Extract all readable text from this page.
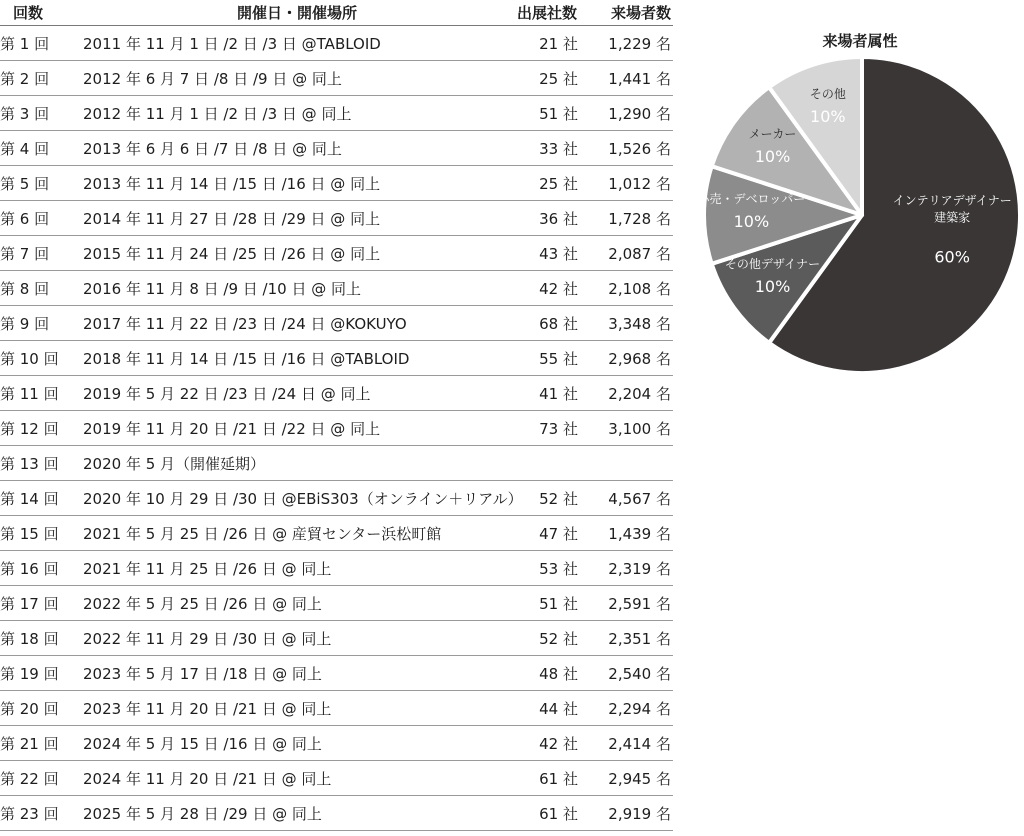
回数	開催日・開催場所	出展社数 来場者数
第 1 回 2011 年 11 月 1 日 /2 日 /3 日 @TABLOID	21 社 1,229 名
第 2 回 2012 年 6 月 7 日 /8 日 /9 日 @ 同上	25 社 1,441 名
第 3 回 2012 年 11 月 1 日 /2 日 /3 日 @ 同上	51 社 1,290 名
第 4 回 2013 年 6 月 6 日 /7 日 /8 日 @ 同上	33 社 1,526 名
第 5 回 2013 年 11 月 14 日 /15 日 /16 日 @ 同上	25 社 1,012 名
第 6 回 2014 年 11 月 27 日 /28 日 /29 日 @ 同上	36 社 1,728 名
第 7 回 2015 年 11 月 24 日 /25 日 /26 日 @ 同上	43 社 2,087 名
第 8 回 2016 年 11 月 8 日 /9 日 /10 日 @ 同上	42 社 2,108 名
第 9 回 2017 年 11 月 22 日 /23 日 /24 日 @KOKUYO	68 社 3,348 名
第 10 回 2018 年 11 月 14 日 /15 日 /16 日 @TABLOID	55 社 2,968 名
第 11 回 2019 年 5 月 22 日 /23 日 /24 日 @ 同上	41 社 2,204 名
第 12 回 2019 年 11 月 20 日 /21 日 /22 日 @ 同上	73 社 3,100 名
第 13 回 2020 年 5 月（開催延期）
第 14 回 2020 年 10 月 29 日 /30 日 @EBiS303（オンライン＋リアル） 52 社 4,567 名
第 15 回 2021 年 5 月 25 日 /26 日 @ 産貿センター浜松町館	47 社 1,439 名
第 16 回 2021 年 11 月 25 日 /26 日 @ 同上	53 社 2,319 名
第 17 回 2022 年 5 月 25 日 /26 日 @ 同上	51 社 2,591 名
第 18 回 2022 年 11 月 29 日 /30 日 @ 同上	52 社 2,351 名
第 19 回 2023 年 5 月 17 日 /18 日 @ 同上	48 社 2,540 名
第 20 回 2023 年 11 月 20 日 /21 日 @ 同上	44 社 2,294 名
第 21 回 2024 年 5 月 15 日 /16 日 @ 同上	42 社 2,414 名
第 22 回 2024 年 11 月 20 日 /21 日 @ 同上	61 社 2,945 名
第 23 回 2025 年 5 月 28 日 /29 日 @ 同上	61 社 2,919 名
来場者属性
インテリアデザイナー
建築家
60%
その他デザイナー
10%
小売・デベロッパー
10%
メーカー
10%
その他
10%
